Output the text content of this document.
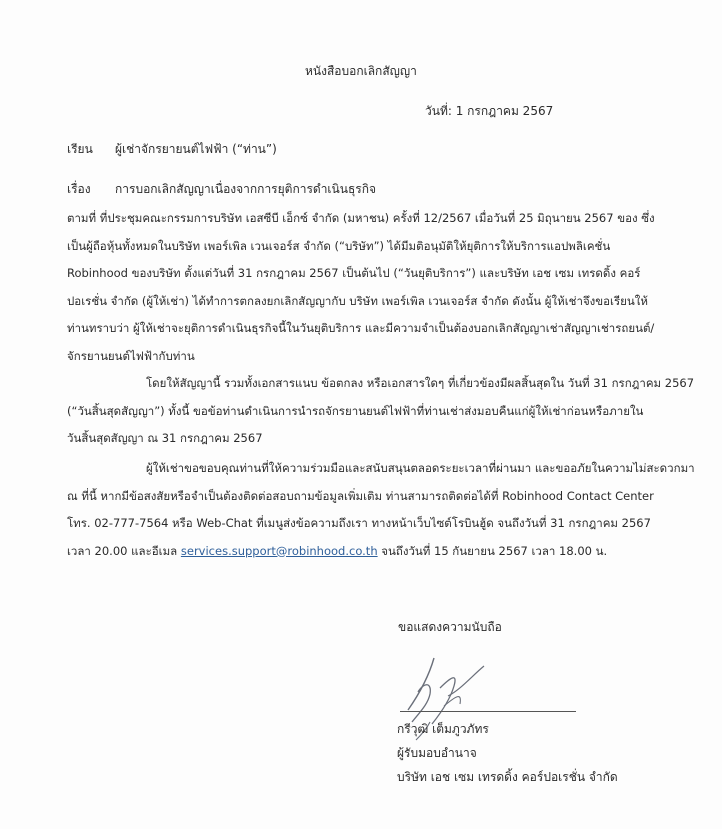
หนังสือบอกเลิกสัญญา
วันที่: 1 กรกฎาคม 2567
เรียน	ผู้เช่าจักรยายนต์ไฟฟ้า (“ท่าน”)
เรื่อง	การบอกเลิกสัญญาเนื่องจากการยุติการดำเนินธุรกิจ
ตามที่ ที่ประชุมคณะกรรมการบริษัท เอสซีบี เอ็กซ์ จำกัด (มหาชน) ครั้งที่ 12/2567 เมื่อวันที่ 25 มิถุนายน 2567 ของ ซึ่ง
เป็นผู้ถือหุ้นทั้งหมดในบริษัท เพอร์เพิล เวนเจอร์ส จำกัด (“บริษัท”) ได้มีมติอนุมัติให้ยุติการให้บริการแอปพลิเคชั่น
Robinhood ของบริษัท ตั้งแต่วันที่ 31 กรกฎาคม 2567 เป็นต้นไป (“วันยุติบริการ”) และบริษัท เอช เซม เทรดดิ้ง คอร์
ปอเรชั่น จำกัด (ผู้ให้เช่า) ได้ทำการตกลงยกเลิกสัญญากับ บริษัท เพอร์เพิล เวนเจอร์ส จำกัด ดังนั้น ผู้ให้เช่าจึงขอเรียนให้
ท่านทราบว่า ผู้ให้เช่าจะยุติการดำเนินธุรกิจนี้ในวันยุติบริการ และมีความจำเป็นต้องบอกเลิกสัญญาเช่าสัญญาเช่ารถยนต์/
จักรยานยนต์ไฟฟ้ากับท่าน
โดยให้สัญญานี้ รวมทั้งเอกสารแนบ ข้อตกลง หรือเอกสารใดๆ ที่เกี่ยวข้องมีผลสิ้นสุดใน วันที่ 31 กรกฎาคม 2567
(“วันสิ้นสุดสัญญา”) ทั้งนี้ ขอข้อท่านดำเนินการนำรถจักรยานยนต์ไฟฟ้าที่ท่านเช่าส่งมอบคืนแก่ผู้ให้เช่าก่อนหรือภายใน
วันสิ้นสุดสัญญา ณ 31 กรกฎาคม 2567
ผู้ให้เช่าขอขอบคุณท่านที่ให้ความร่วมมือและสนับสนุนตลอดระยะเวลาที่ผ่านมา และขออภัยในความไม่สะดวกมา
ณ ที่นี้ หากมีข้อสงสัยหรือจำเป็นต้องติดต่อสอบถามข้อมูลเพิ่มเติม ท่านสามารถติดต่อได้ที่ Robinhood Contact Center
โทร. 02-777-7564 หรือ Web-Chat ที่เมนูส่งข้อความถึงเรา ทางหน้าเว็บไซต์โรบินฮู้ด จนถึงวันที่ 31 กรกฎาคม 2567
เวลา 20.00 และอีเมล services.support@robinhood.co.th จนถึงวันที่ 15 กันยายน 2567 เวลา 18.00 น.
ขอแสดงความนับถือ
กรีวุฒิ เต็มภูวภัทร
ผู้รับมอบอำนาจ
บริษัท เอช เซม เทรดดิ้ง คอร์ปอเรชั่น จำกัด
